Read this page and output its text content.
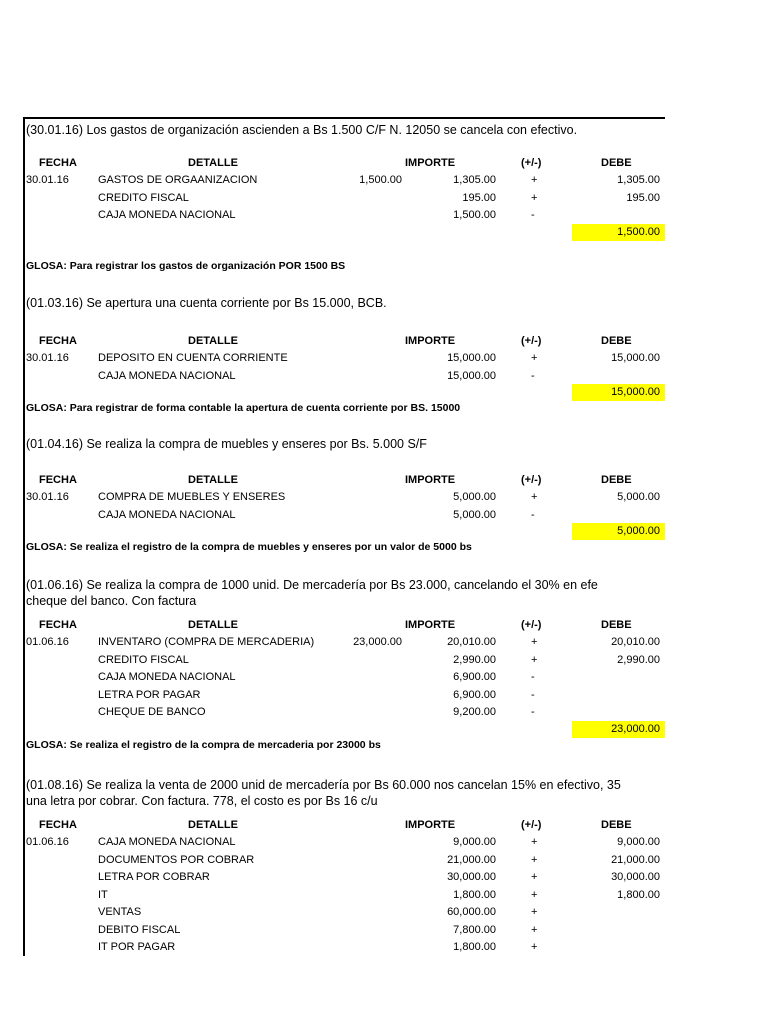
(30.01.16) Los gastos de organización ascienden a Bs 1.500 C/F N. 12050 se cancela con efectivo.
FECHA	DETALLE	IMPORTE	(+/-)	DEBE
30.01.16	GASTOS DE ORGAANIZACION	1,500.00	1,305.00	+	1,305.00
CREDITO FISCAL	195.00	+	195.00
CAJA MONEDA NACIONAL	1,500.00	-
1,500.00
GLOSA: Para registrar los gastos de organización POR 1500 BS
(01.03.16) Se apertura una cuenta corriente por Bs 15.000, BCB.
FECHA	DETALLE	IMPORTE	(+/-)	DEBE
30.01.16	DEPOSITO EN CUENTA CORRIENTE	15,000.00	+	15,000.00
CAJA MONEDA NACIONAL	15,000.00	-
15,000.00
GLOSA: Para registrar de forma contable la apertura de cuenta corriente por BS. 15000
(01.04.16) Se realiza la compra de muebles y enseres por Bs. 5.000 S/F
FECHA	DETALLE	IMPORTE	(+/-)	DEBE
30.01.16	COMPRA DE MUEBLES Y ENSERES	5,000.00	+	5,000.00
CAJA MONEDA NACIONAL	5,000.00	-
5,000.00
GLOSA: Se realiza el registro de la compra de muebles y enseres por un valor de 5000 bs
(01.06.16) Se realiza la compra de 1000 unid. De mercadería por Bs 23.000, cancelando el 30% en efe
cheque del banco. Con factura
FECHA	DETALLE	IMPORTE	(+/-)	DEBE
01.06.16	INVENTARO (COMPRA DE MERCADERIA)	23,000.00	20,010.00	+	20,010.00
CREDITO FISCAL	2,990.00	+	2,990.00
CAJA MONEDA NACIONAL	6,900.00	-
LETRA POR PAGAR	6,900.00	-
CHEQUE DE BANCO	9,200.00	-
23,000.00
GLOSA: Se realiza el registro de la compra de mercaderia por 23000 bs
(01.08.16) Se realiza la venta de 2000 unid de mercadería por Bs 60.000 nos cancelan 15% en efectivo, 35
una letra por cobrar. Con factura. 778, el costo es por Bs 16 c/u
FECHA	DETALLE	IMPORTE	(+/-)	DEBE
01.06.16	CAJA MONEDA NACIONAL	9,000.00	+	9,000.00
DOCUMENTOS POR COBRAR	21,000.00	+	21,000.00
LETRA POR COBRAR	30,000.00	+	30,000.00
IT	1,800.00	+	1,800.00
VENTAS	60,000.00	+
DEBITO FISCAL	7,800.00	+
IT POR PAGAR	1,800.00	+
